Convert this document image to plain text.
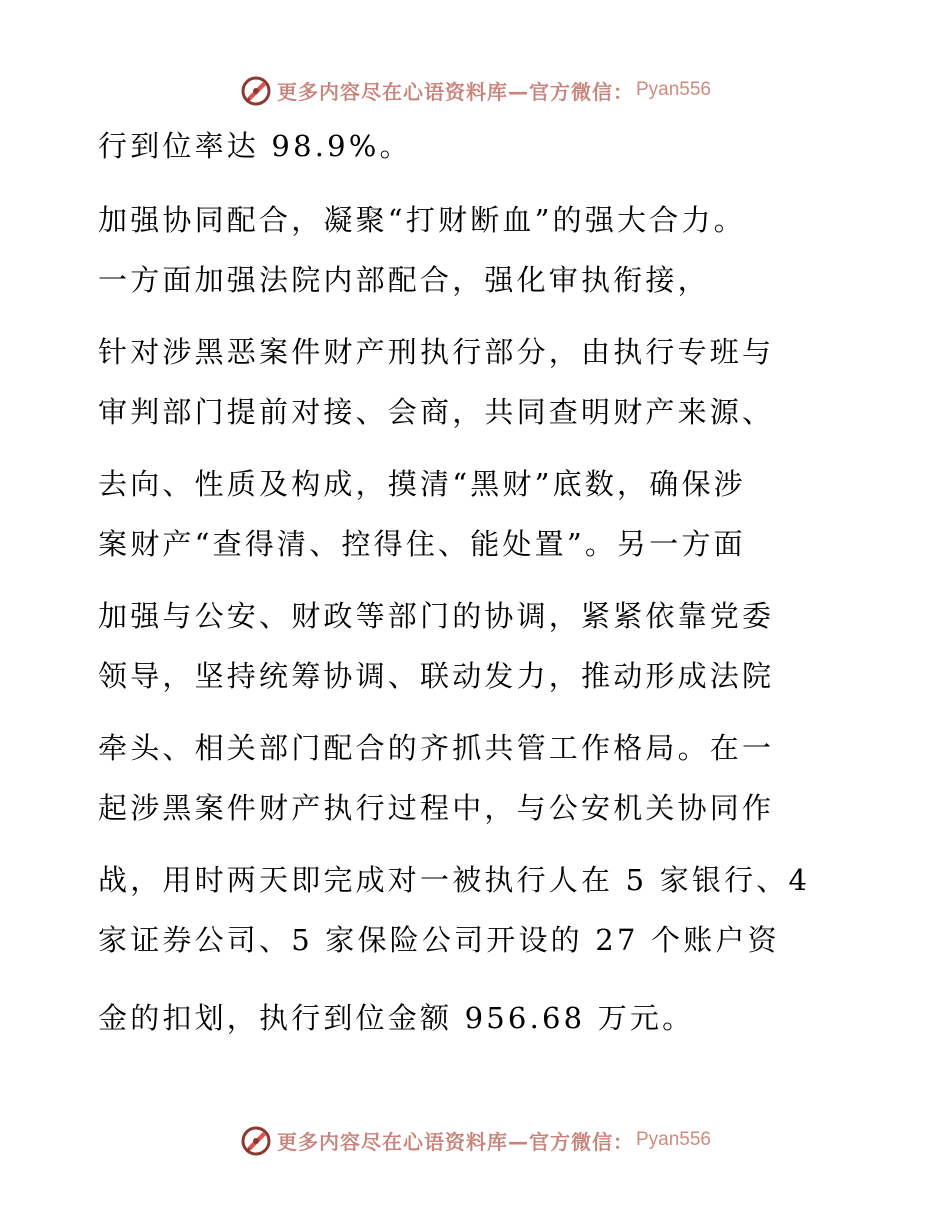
更多内容尽在心语资料库—官方微信： Pyan556
行到位率达 98.9%。
加强协同配合，凝聚“打财断血”的强大合力。
一方面加强法院内部配合，强化审执衔接，
针对涉黑恶案件财产刑执行部分，由执行专班与
审判部门提前对接、会商，共同查明财产来源、
去向、性质及构成，摸清“黑财”底数，确保涉
案财产“查得清、控得住、能处置”。另一方面
加强与公安、财政等部门的协调，紧紧依靠党委
领导，坚持统筹协调、联动发力，推动形成法院
牵头、相关部门配合的齐抓共管工作格局。在一
起涉黑案件财产执行过程中，与公安机关协同作
战，用时两天即完成对一被执行人在 5 家银行、4
家证券公司、5 家保险公司开设的 27 个账户资
金的扣划，执行到位金额 956.68 万元。
更多内容尽在心语资料库—官方微信： Pyan556
